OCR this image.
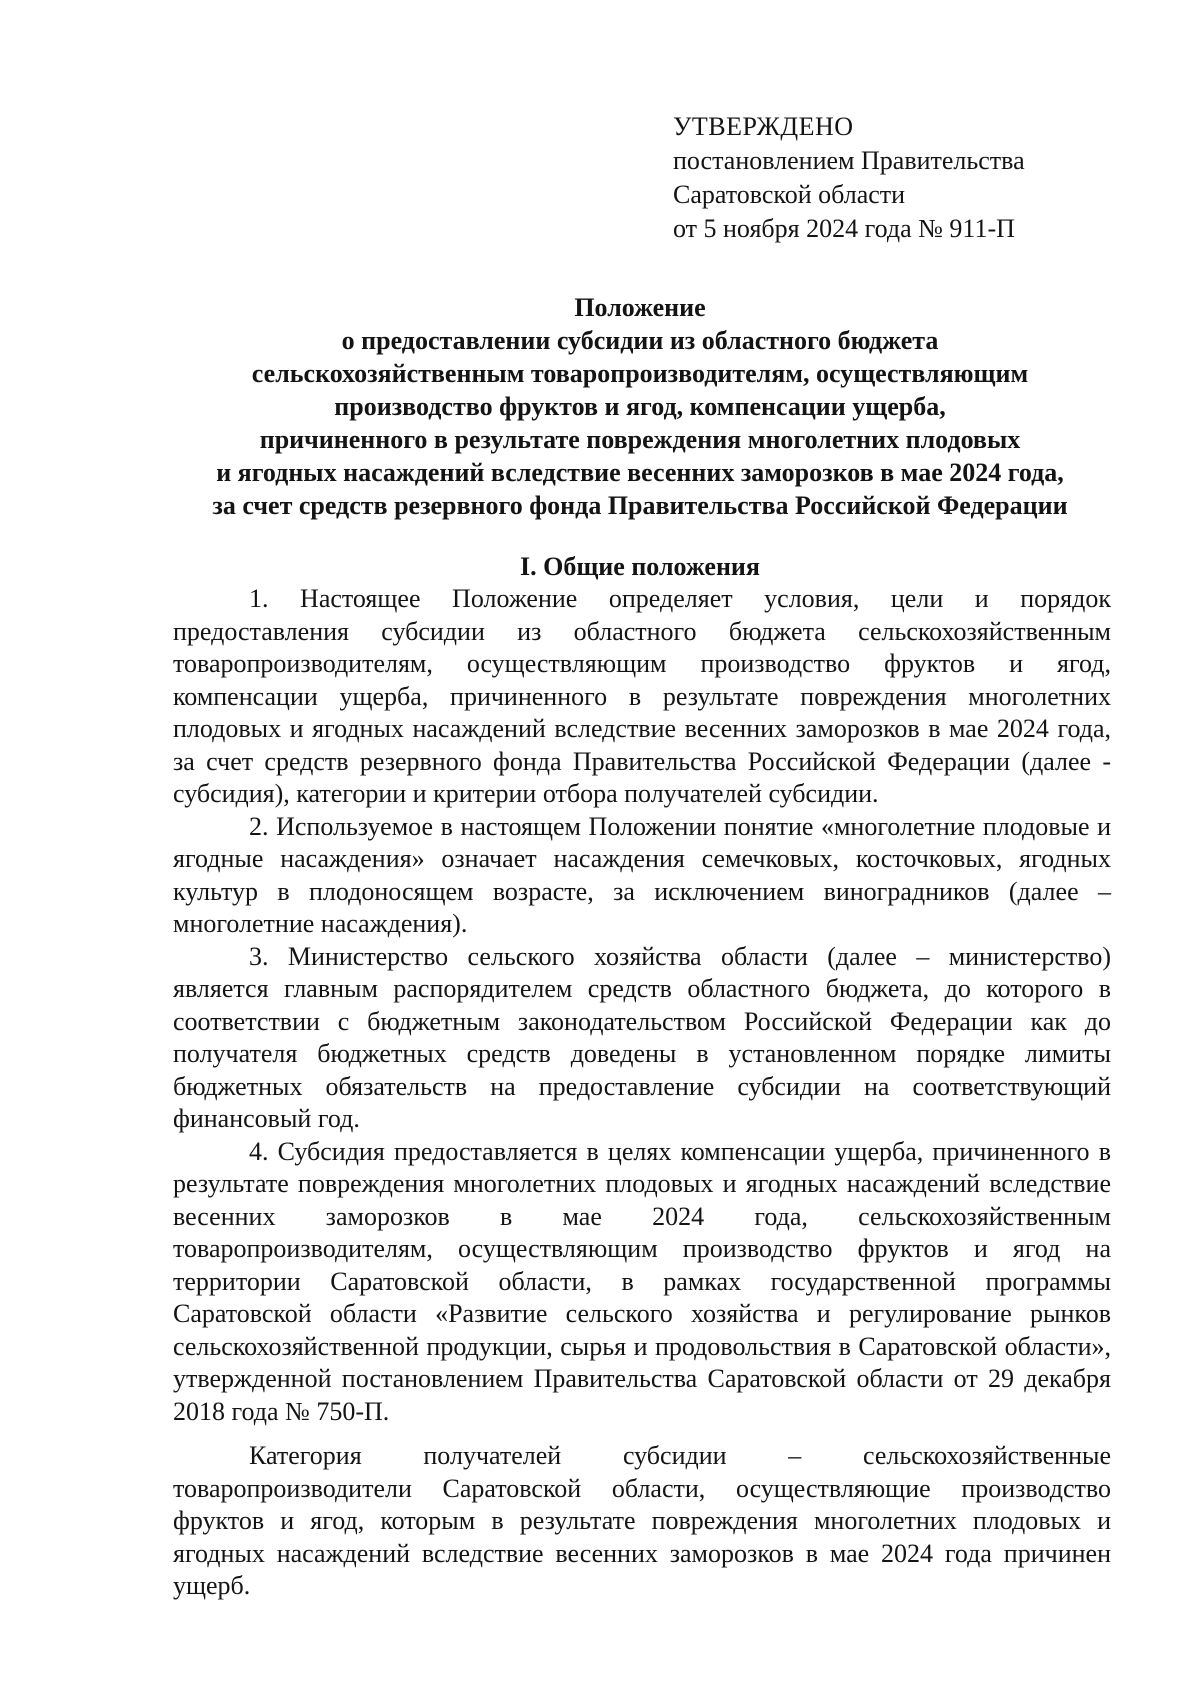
УТВЕРЖДЕНО
постановлением Правительства
Саратовской области
от 5 ноября 2024 года № 911-П
Положение
о предоставлении субсидии из областного бюджета
сельскохозяйственным товаропроизводителям, осуществляющим
производство фруктов и ягод, компенсации ущерба,
причиненного в результате повреждения многолетних плодовых
и ягодных насаждений вследствие весенних заморозков в мае 2024 года,
за счет средств резервного фонда Правительства Российской Федерации
I. Общие положения

1. Настоящее Положение определяет условия, цели и порядок предоставления субсидии из областного бюджета сельскохозяйственным товаропроизводителям, осуществляющим производство фруктов и ягод, компенсации ущерба, причиненного в результате повреждения многолетних плодовых и ягодных насаждений вследствие весенних заморозков в мае 2024 года, за счет средств резервного фонда Правительства Российской Федерации (далее - субсидия), категории и критерии отбора получателей субсидии.

2. Используемое в настоящем Положении понятие «многолетние плодовые и ягодные насаждения» означает насаждения семечковых, косточковых, ягодных культур в плодоносящем возрасте, за исключением виноградников (далее – многолетние насаждения).

3. Министерство сельского хозяйства области (далее – министерство) является главным распорядителем средств областного бюджета, до которого в соответствии с бюджетным законодательством Российской Федерации как до получателя бюджетных средств доведены в установленном порядке лимиты бюджетных обязательств на предоставление субсидии на соответствующий финансовый год.

4. Субсидия предоставляется в целях компенсации ущерба, причиненного в результате повреждения многолетних плодовых и ягодных насаждений вследствие весенних заморозков в мае 2024 года, сельскохозяйственным товаропроизводителям, осуществляющим производство фруктов и ягод на территории Саратовской области, в рамках государственной программы Саратовской области «Развитие сельского хозяйства и регулирование рынков сельскохозяйственной продукции, сырья и продовольствия в Саратовской области», утвержденной постановлением Правительства Саратовской области от 29 декабря 2018 года № 750-П.

Категория получателей субсидии – сельскохозяйственные товаропроизводители Саратовской области, осуществляющие производство фруктов и ягод, которым в результате повреждения многолетних плодовых и ягодных насаждений вследствие весенних заморозков в мае 2024 года причинен ущерб.
